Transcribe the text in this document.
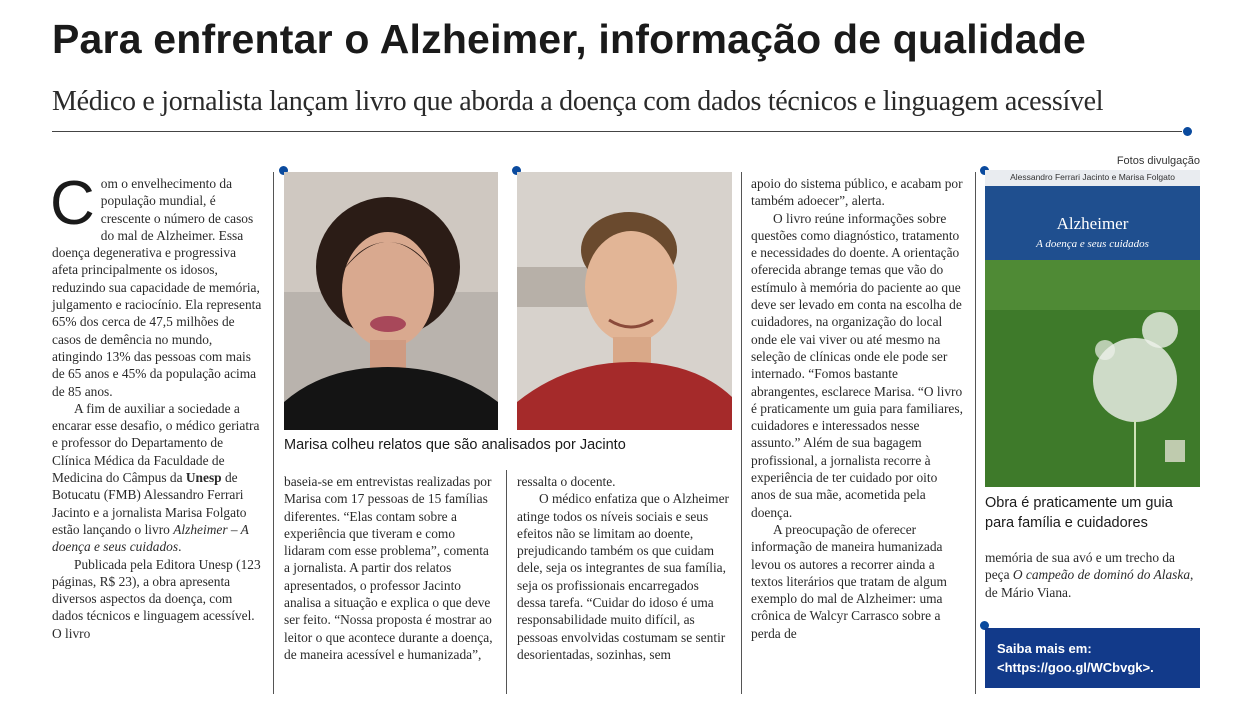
Para enfrentar o Alzheimer, informação de qualidade
Médico e jornalista lançam livro que aborda a doença com dados técnicos e linguagem acessível

Com o envelhecimento da população mundial, é crescente o número de casos do mal de Alzheimer. Essa doença degenerativa e progressiva afeta principalmente os idosos, reduzindo sua capacidade de memória, julgamento e raciocínio. Ela representa 65% dos cerca de 47,5 milhões de casos de demência no mundo, atingindo 13% das pessoas com mais de 65 anos e 45% da população acima de 85 anos.

A fim de auxiliar a sociedade a encarar esse desafio, o médico geriatra e professor do Departamento de Clínica Médica da Faculdade de Medicina do Câmpus da Unesp de Botucatu (FMB) Alessandro Ferrari Jacinto e a jornalista Marisa Folgato estão lançando o livro Alzheimer – A doença e seus cuidados.

Publicada pela Editora Unesp (123 páginas, R$ 23), a obra apresenta diversos aspectos da doença, com dados técnicos e linguagem acessível. O livro

Marisa colheu relatos que são analisados por Jacinto

baseia-se em entrevistas realizadas por Marisa com 17 pessoas de 15 famílias diferentes. “Elas contam sobre a experiência que tiveram e como lidaram com esse problema”, comenta a jornalista. A partir dos relatos apresentados, o professor Jacinto analisa a situação e explica o que deve ser feito. “Nossa proposta é mostrar ao leitor o que acontece durante a doença, de maneira acessível e humanizada”,

ressalta o docente.

O médico enfatiza que o Alzheimer atinge todos os níveis sociais e seus efeitos não se limitam ao doente, prejudicando também os que cuidam dele, seja os integrantes de sua família, seja os profissionais encarregados dessa tarefa. “Cuidar do idoso é uma responsabilidade muito difícil, as pessoas envolvidas costumam se sentir desorientadas, sozinhas, sem

apoio do sistema público, e acabam por também adoecer”, alerta.

O livro reúne informações sobre questões como diagnóstico, tratamento e necessidades do doente. A orientação oferecida abrange temas que vão do estímulo à memória do paciente ao que deve ser levado em conta na escolha de cuidadores, na organização do local onde ele vai viver ou até mesmo na seleção de clínicas onde ele pode ser internado. “Fomos bastante abrangentes, esclarece Marisa. “O livro é praticamente um guia para familiares, cuidadores e interessados nesse assunto.” Além de sua bagagem profissional, a jornalista recorre à experiência de ter cuidado por oito anos de sua mãe, acometida pela doença.

A preocupação de oferecer informação de maneira humanizada levou os autores a recorrer ainda a textos literários que tratam de algum exemplo do mal de Alzheimer: uma crônica de Walcyr Carrasco sobre a perda de

Fotos divulgação
Alessandro Ferrari Jacinto e Marisa Folgato
Alzheimer
A doença e seus cuidados
Obra é praticamente um guia para família e cuidadores

memória de sua avó e um trecho da peça O campeão de dominó do Alaska, de Mário Viana.

Saiba mais em:
<https://goo.gl/WCbvgk>.
